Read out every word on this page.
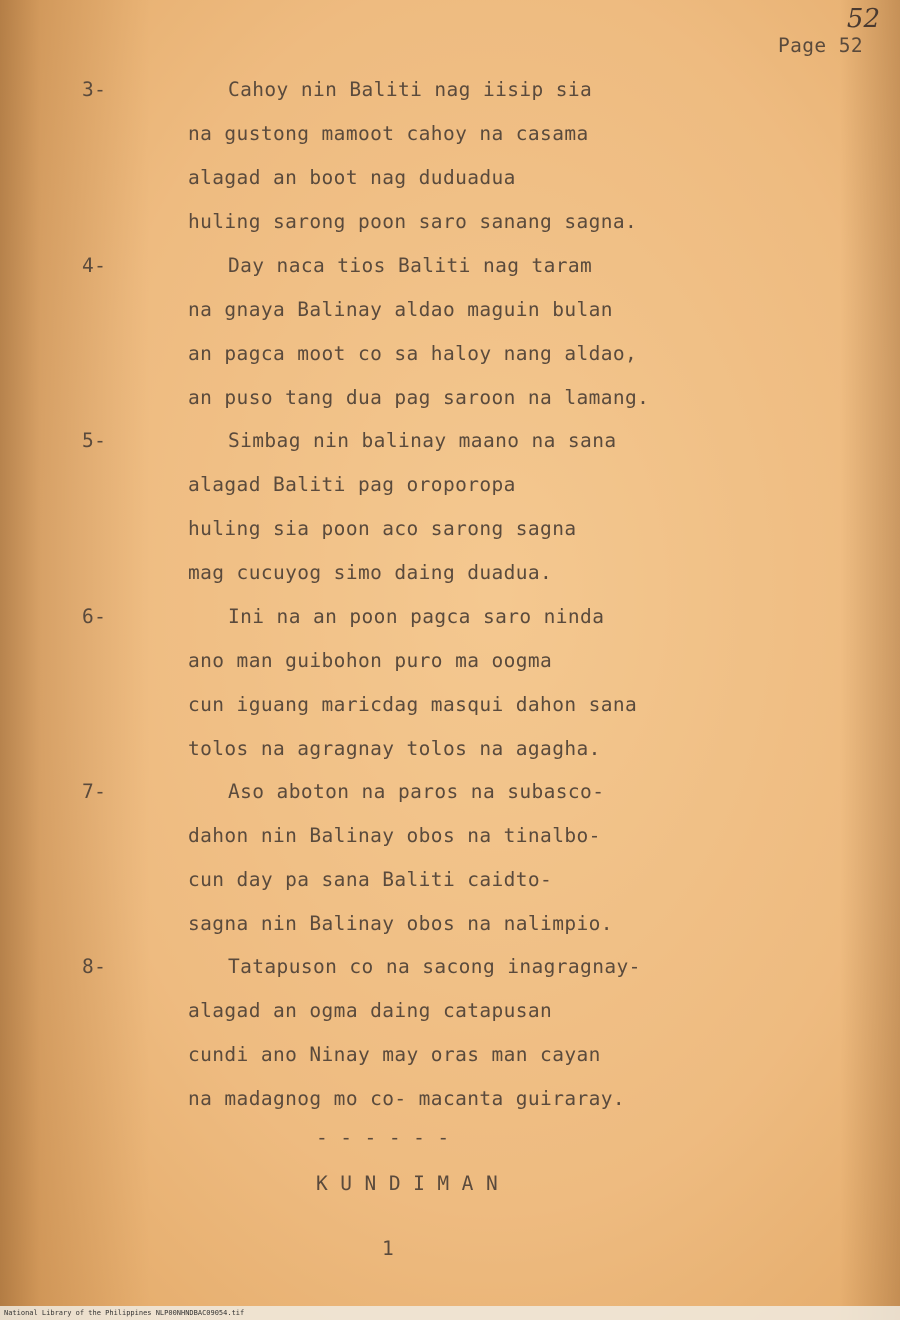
52
Page 52
3-	Cahoy nin Baliti nag iisip sia
na gustong mamoot cahoy na casama
alagad an boot nag duduadua
huling sarong poon saro sanang sagna.
4-	Day naca tios Baliti nag taram
na gnaya Balinay aldao maguin bulan
an pagca moot co sa haloy nang aldao,
an puso tang dua pag saroon na lamang.
5-	Simbag nin balinay maano na sana
alagad Baliti pag oroporopa
huling sia poon aco sarong sagna
mag cucuyog simo daing duadua.
6-	Ini na an poon pagca saro ninda
ano man guibohon puro ma oogma
cun iguang maricdag masqui dahon sana
tolos na agragnay tolos na agagha.
7-	Aso aboton na paros na subasco-
dahon nin Balinay obos na tinalbo-
cun day pa sana Baliti caidto-
sagna nin Balinay obos na nalimpio.
8-	Tatapuson co na sacong inagragnay-
alagad an ogma daing catapusan
cundi ano Ninay may oras man cayan
na madagnog mo co- macanta guiraray.
- - - - - -
K U N D I M A N
1
National Library of the Philippines NLP00NHNDBAC09054.tif
